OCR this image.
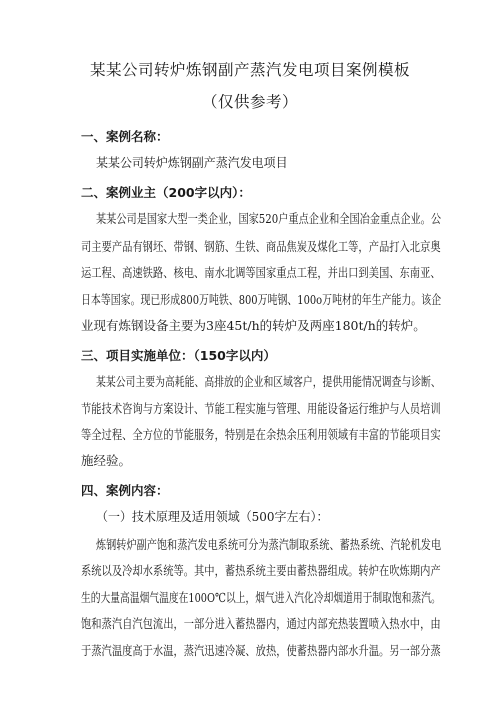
某某公司转炉炼钢副产蒸汽发电项目案例模板

（仅供参考）

一、案例名称：

某某公司转炉炼钢副产蒸汽发电项目

二、案例业主（200字以内）：

某某公司是国家大型一类企业，国家520户重点企业和全国冶金重点企业。公

司主要产品有钢坯、带钢、钢筋、生铁、商品焦炭及煤化工等，产品打入北京奥

运工程、高速铁路、核电、南水北调等国家重点工程，并出口到美国、东南亚、

日本等国家。现已形成800万吨铁、800万吨钢、100o万吨材的年生产能力。该企

业现有炼钢设备主要为3座45t/h的转炉及两座180t/h的转炉。

三、项目实施单位：（150字以内）

某某公司主要为高耗能、高排放的企业和区域客户，提供用能情况调查与诊断、

节能技术咨询与方案设计、节能工程实施与管理、用能设备运行维护与人员培训

等全过程、全方位的节能服务，特别是在余热余压利用领域有丰富的节能项目实

施经验。

四、案例内容：

（一）技术原理及适用领域（500字左右）：

炼钢转炉副产饱和蒸汽发电系统可分为蒸汽制取系统、蓄热系统、汽轮机发电

系统以及冷却水系统等。其中，蓄热系统主要由蓄热器组成。转炉在吹炼期内产

生的大量高温烟气温度在100O℃以上，烟气进入汽化冷却烟道用于制取饱和蒸汽。

饱和蒸汽自汽包流出，一部分进入蓄热器内，通过内部充热装置喷入热水中，由

于蒸汽温度高于水温，蒸汽迅速冷凝、放热，使蓄热器内部水升温。另一部分蒸
